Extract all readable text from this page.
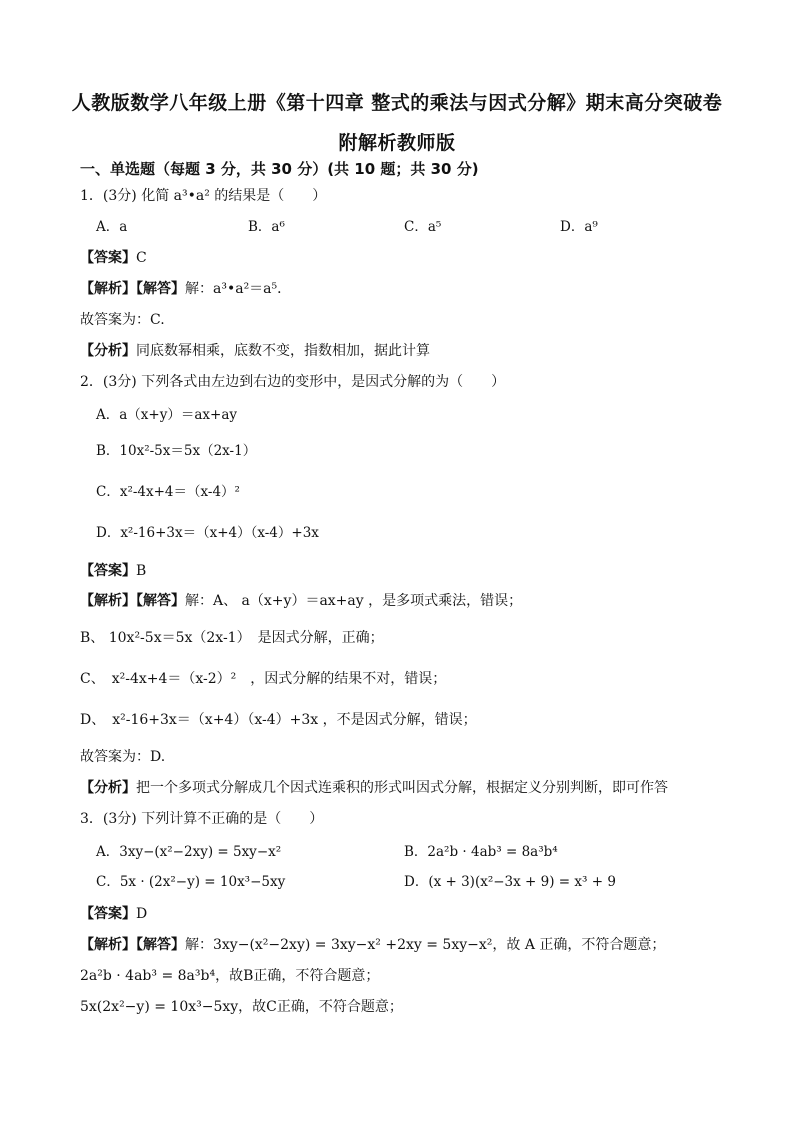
人教版数学八年级上册《第十四章 整式的乘法与因式分解》期末高分突破卷
附解析教师版
一、单选题（每题 3 分，共 30 分）(共 10 题；共 30 分)
1．(3分) 化简 a³•a² 的结果是（　　）
A．a	B．a⁶	C．a⁵	D．a⁹
【答案】C
【解析】【解答】解：a³•a²＝a⁵．
故答案为：C.
【分析】同底数幂相乘，底数不变，指数相加，据此计算
2．(3分) 下列各式由左边到右边的变形中，是因式分解的为（　　）
A．a（x+y）＝ax+ay
B．10x²-5x＝5x（2x-1）
C．x²-4x+4＝（x-4）²
D．x²-16+3x＝（x+4）（x-4）+3x
【答案】B
【解析】【解答】解：A、 a（x+y）＝ax+ay ，是多项式乘法，错误；
B、 10x²-5x＝5x（2x-1）　是因式分解，正确；
C、　x²-4x+4＝（x-2）²　，因式分解的结果不对，错误；
D、　x²-16+3x＝（x+4）（x-4）+3x ，不是因式分解，错误；
故答案为：D.
【分析】把一个多项式分解成几个因式连乘积的形式叫因式分解，根据定义分别判断，即可作答
3．(3分) 下列计算不正确的是（　　）
A．3xy−(x²−2xy) = 5xy−x²	B．2a²b · 4ab³ = 8a³b⁴
C．5x · (2x²−y) = 10x³−5xy	D．(x + 3)(x²−3x + 9) = x³ + 9
【答案】D
【解析】【解答】解：3xy−(x²−2xy) = 3xy−x² +2xy = 5xy−x²，故 A 正确，不符合题意；
2a²b · 4ab³ = 8a³b⁴，故B正确，不符合题意；
5x(2x²−y) = 10x³−5xy，故C正确，不符合题意；
